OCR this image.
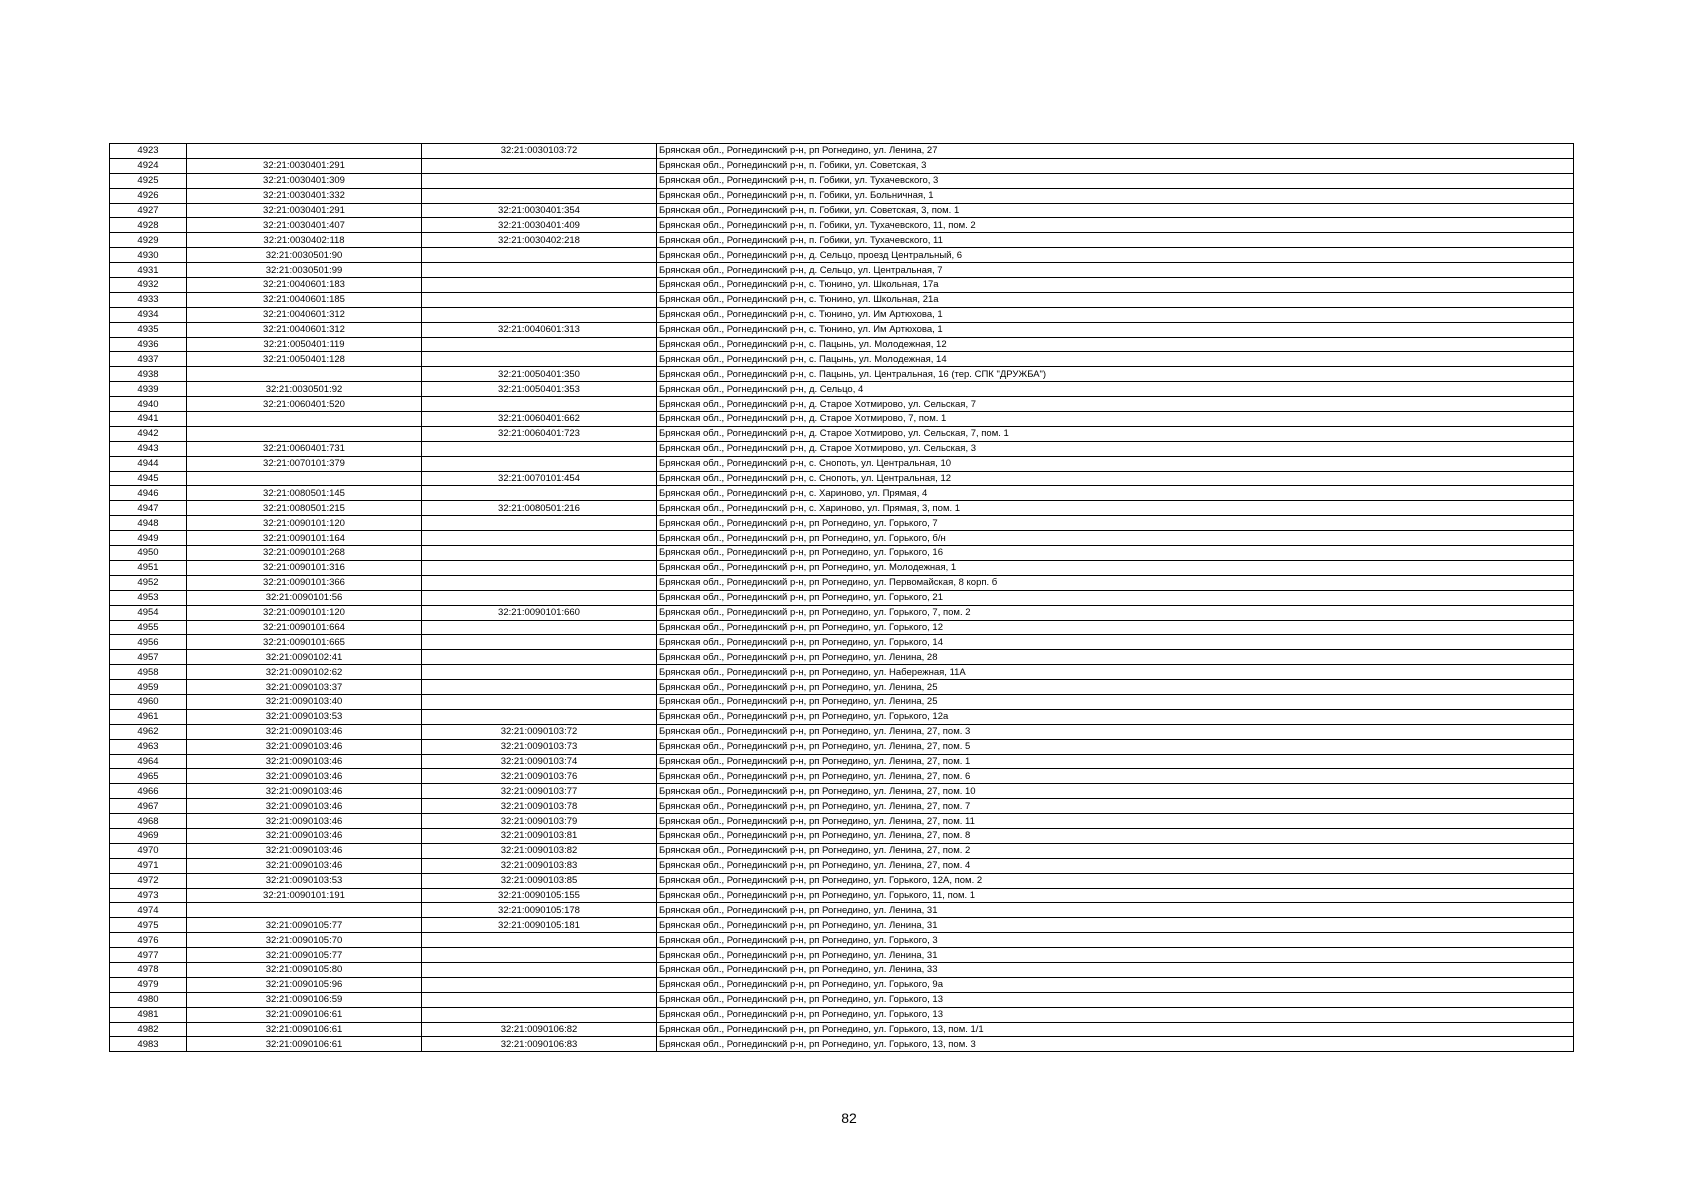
4923		32:21:0030103:72	Брянская обл., Рогнединский р-н, рп Рогнедино, ул. Ленина, 27
4924	32:21:0030401:291		Брянская обл., Рогнединский р-н, п. Гобики, ул. Советская, 3
4925	32:21:0030401:309		Брянская обл., Рогнединский р-н, п. Гобики, ул. Тухачевского, 3
4926	32:21:0030401:332		Брянская обл., Рогнединский р-н, п. Гобики, ул. Больничная, 1
4927	32:21:0030401:291	32:21:0030401:354	Брянская обл., Рогнединский р-н, п. Гобики, ул. Советская, 3, пом. 1
4928	32:21:0030401:407	32:21:0030401:409	Брянская обл., Рогнединский р-н, п. Гобики, ул. Тухачевского, 11, пом. 2
4929	32:21:0030402:118	32:21:0030402:218	Брянская обл., Рогнединский р-н, п. Гобики, ул. Тухачевского, 11
4930	32:21:0030501:90		Брянская обл., Рогнединский р-н, д. Сельцо, проезд Центральный, 6
4931	32:21:0030501:99		Брянская обл., Рогнединский р-н, д. Сельцо, ул. Центральная, 7
4932	32:21:0040601:183		Брянская обл., Рогнединский р-н, с. Тюнино, ул. Школьная, 17а
4933	32:21:0040601:185		Брянская обл., Рогнединский р-н, с. Тюнино, ул. Школьная, 21а
4934	32:21:0040601:312		Брянская обл., Рогнединский р-н, с. Тюнино, ул. Им Артюхова, 1
4935	32:21:0040601:312	32:21:0040601:313	Брянская обл., Рогнединский р-н, с. Тюнино, ул. Им Артюхова, 1
4936	32:21:0050401:119		Брянская обл., Рогнединский р-н, с. Пацынь, ул. Молодежная, 12
4937	32:21:0050401:128		Брянская обл., Рогнединский р-н, с. Пацынь, ул. Молодежная, 14
4938		32:21:0050401:350	Брянская обл., Рогнединский р-н, с. Пацынь, ул. Центральная, 16 (тер. СПК "ДРУЖБА")
4939	32:21:0030501:92	32:21:0050401:353	Брянская обл., Рогнединский р-н, д. Сельцо, 4
4940	32:21:0060401:520		Брянская обл., Рогнединский р-н, д. Старое Хотмирово, ул. Сельская, 7
4941		32:21:0060401:662	Брянская обл., Рогнединский р-н, д. Старое Хотмирово, 7, пом. 1
4942		32:21:0060401:723	Брянская обл., Рогнединский р-н, д. Старое Хотмирово, ул. Сельская, 7, пом. 1
4943	32:21:0060401:731		Брянская обл., Рогнединский р-н, д. Старое Хотмирово, ул. Сельская, 3
4944	32:21:0070101:379		Брянская обл., Рогнединский р-н, с. Снопоть, ул. Центральная, 10
4945		32:21:0070101:454	Брянская обл., Рогнединский р-н, с. Снопоть, ул. Центральная, 12
4946	32:21:0080501:145		Брянская обл., Рогнединский р-н, с. Хариново, ул. Прямая, 4
4947	32:21:0080501:215	32:21:0080501:216	Брянская обл., Рогнединский р-н, с. Хариново, ул. Прямая, 3, пом. 1
4948	32:21:0090101:120		Брянская обл., Рогнединский р-н, рп Рогнедино, ул. Горького, 7
4949	32:21:0090101:164		Брянская обл., Рогнединский р-н, рп Рогнедино, ул. Горького, б/н
4950	32:21:0090101:268		Брянская обл., Рогнединский р-н, рп Рогнедино, ул. Горького, 16
4951	32:21:0090101:316		Брянская обл., Рогнединский р-н, рп Рогнедино, ул. Молодежная, 1
4952	32:21:0090101:366		Брянская обл., Рогнединский р-н, рп Рогнедино, ул. Первомайская, 8 корп. б
4953	32:21:0090101:56		Брянская обл., Рогнединский р-н, рп Рогнедино, ул. Горького, 21
4954	32:21:0090101:120	32:21:0090101:660	Брянская обл., Рогнединский р-н, рп Рогнедино, ул. Горького, 7, пом. 2
4955	32:21:0090101:664		Брянская обл., Рогнединский р-н, рп Рогнедино, ул. Горького, 12
4956	32:21:0090101:665		Брянская обл., Рогнединский р-н, рп Рогнедино, ул. Горького, 14
4957	32:21:0090102:41		Брянская обл., Рогнединский р-н, рп Рогнедино, ул. Ленина, 28
4958	32:21:0090102:62		Брянская обл., Рогнединский р-н, рп Рогнедино, ул. Набережная, 11А
4959	32:21:0090103:37		Брянская обл., Рогнединский р-н, рп Рогнедино, ул. Ленина, 25
4960	32:21:0090103:40		Брянская обл., Рогнединский р-н, рп Рогнедино, ул. Ленина, 25
4961	32:21:0090103:53		Брянская обл., Рогнединский р-н, рп Рогнедино, ул. Горького, 12а
4962	32:21:0090103:46	32:21:0090103:72	Брянская обл., Рогнединский р-н, рп Рогнедино, ул. Ленина, 27, пом. 3
4963	32:21:0090103:46	32:21:0090103:73	Брянская обл., Рогнединский р-н, рп Рогнедино, ул. Ленина, 27, пом. 5
4964	32:21:0090103:46	32:21:0090103:74	Брянская обл., Рогнединский р-н, рп Рогнедино, ул. Ленина, 27, пом. 1
4965	32:21:0090103:46	32:21:0090103:76	Брянская обл., Рогнединский р-н, рп Рогнедино, ул. Ленина, 27, пом. 6
4966	32:21:0090103:46	32:21:0090103:77	Брянская обл., Рогнединский р-н, рп Рогнедино, ул. Ленина, 27, пом. 10
4967	32:21:0090103:46	32:21:0090103:78	Брянская обл., Рогнединский р-н, рп Рогнедино, ул. Ленина, 27, пом. 7
4968	32:21:0090103:46	32:21:0090103:79	Брянская обл., Рогнединский р-н, рп Рогнедино, ул. Ленина, 27, пом. 11
4969	32:21:0090103:46	32:21:0090103:81	Брянская обл., Рогнединский р-н, рп Рогнедино, ул. Ленина, 27, пом. 8
4970	32:21:0090103:46	32:21:0090103:82	Брянская обл., Рогнединский р-н, рп Рогнедино, ул. Ленина, 27, пом. 2
4971	32:21:0090103:46	32:21:0090103:83	Брянская обл., Рогнединский р-н, рп Рогнедино, ул. Ленина, 27, пом. 4
4972	32:21:0090103:53	32:21:0090103:85	Брянская обл., Рогнединский р-н, рп Рогнедино, ул. Горького, 12А, пом. 2
4973	32:21:0090101:191	32:21:0090105:155	Брянская обл., Рогнединский р-н, рп Рогнедино, ул. Горького, 11, пом. 1
4974		32:21:0090105:178	Брянская обл., Рогнединский р-н, рп Рогнедино, ул. Ленина, 31
4975	32:21:0090105:77	32:21:0090105:181	Брянская обл., Рогнединский р-н, рп Рогнедино, ул. Ленина, 31
4976	32:21:0090105:70		Брянская обл., Рогнединский р-н, рп Рогнедино, ул. Горького, 3
4977	32:21:0090105:77		Брянская обл., Рогнединский р-н, рп Рогнедино, ул. Ленина, 31
4978	32:21:0090105:80		Брянская обл., Рогнединский р-н, рп Рогнедино, ул. Ленина, 33
4979	32:21:0090105:96		Брянская обл., Рогнединский р-н, рп Рогнедино, ул. Горького, 9а
4980	32:21:0090106:59		Брянская обл., Рогнединский р-н, рп Рогнедино, ул. Горького, 13
4981	32:21:0090106:61		Брянская обл., Рогнединский р-н, рп Рогнедино, ул. Горького, 13
4982	32:21:0090106:61	32:21:0090106:82	Брянская обл., Рогнединский р-н, рп Рогнедино, ул. Горького, 13, пом. 1/1
4983	32:21:0090106:61	32:21:0090106:83	Брянская обл., Рогнединский р-н, рп Рогнедино, ул. Горького, 13, пом. 3
82
